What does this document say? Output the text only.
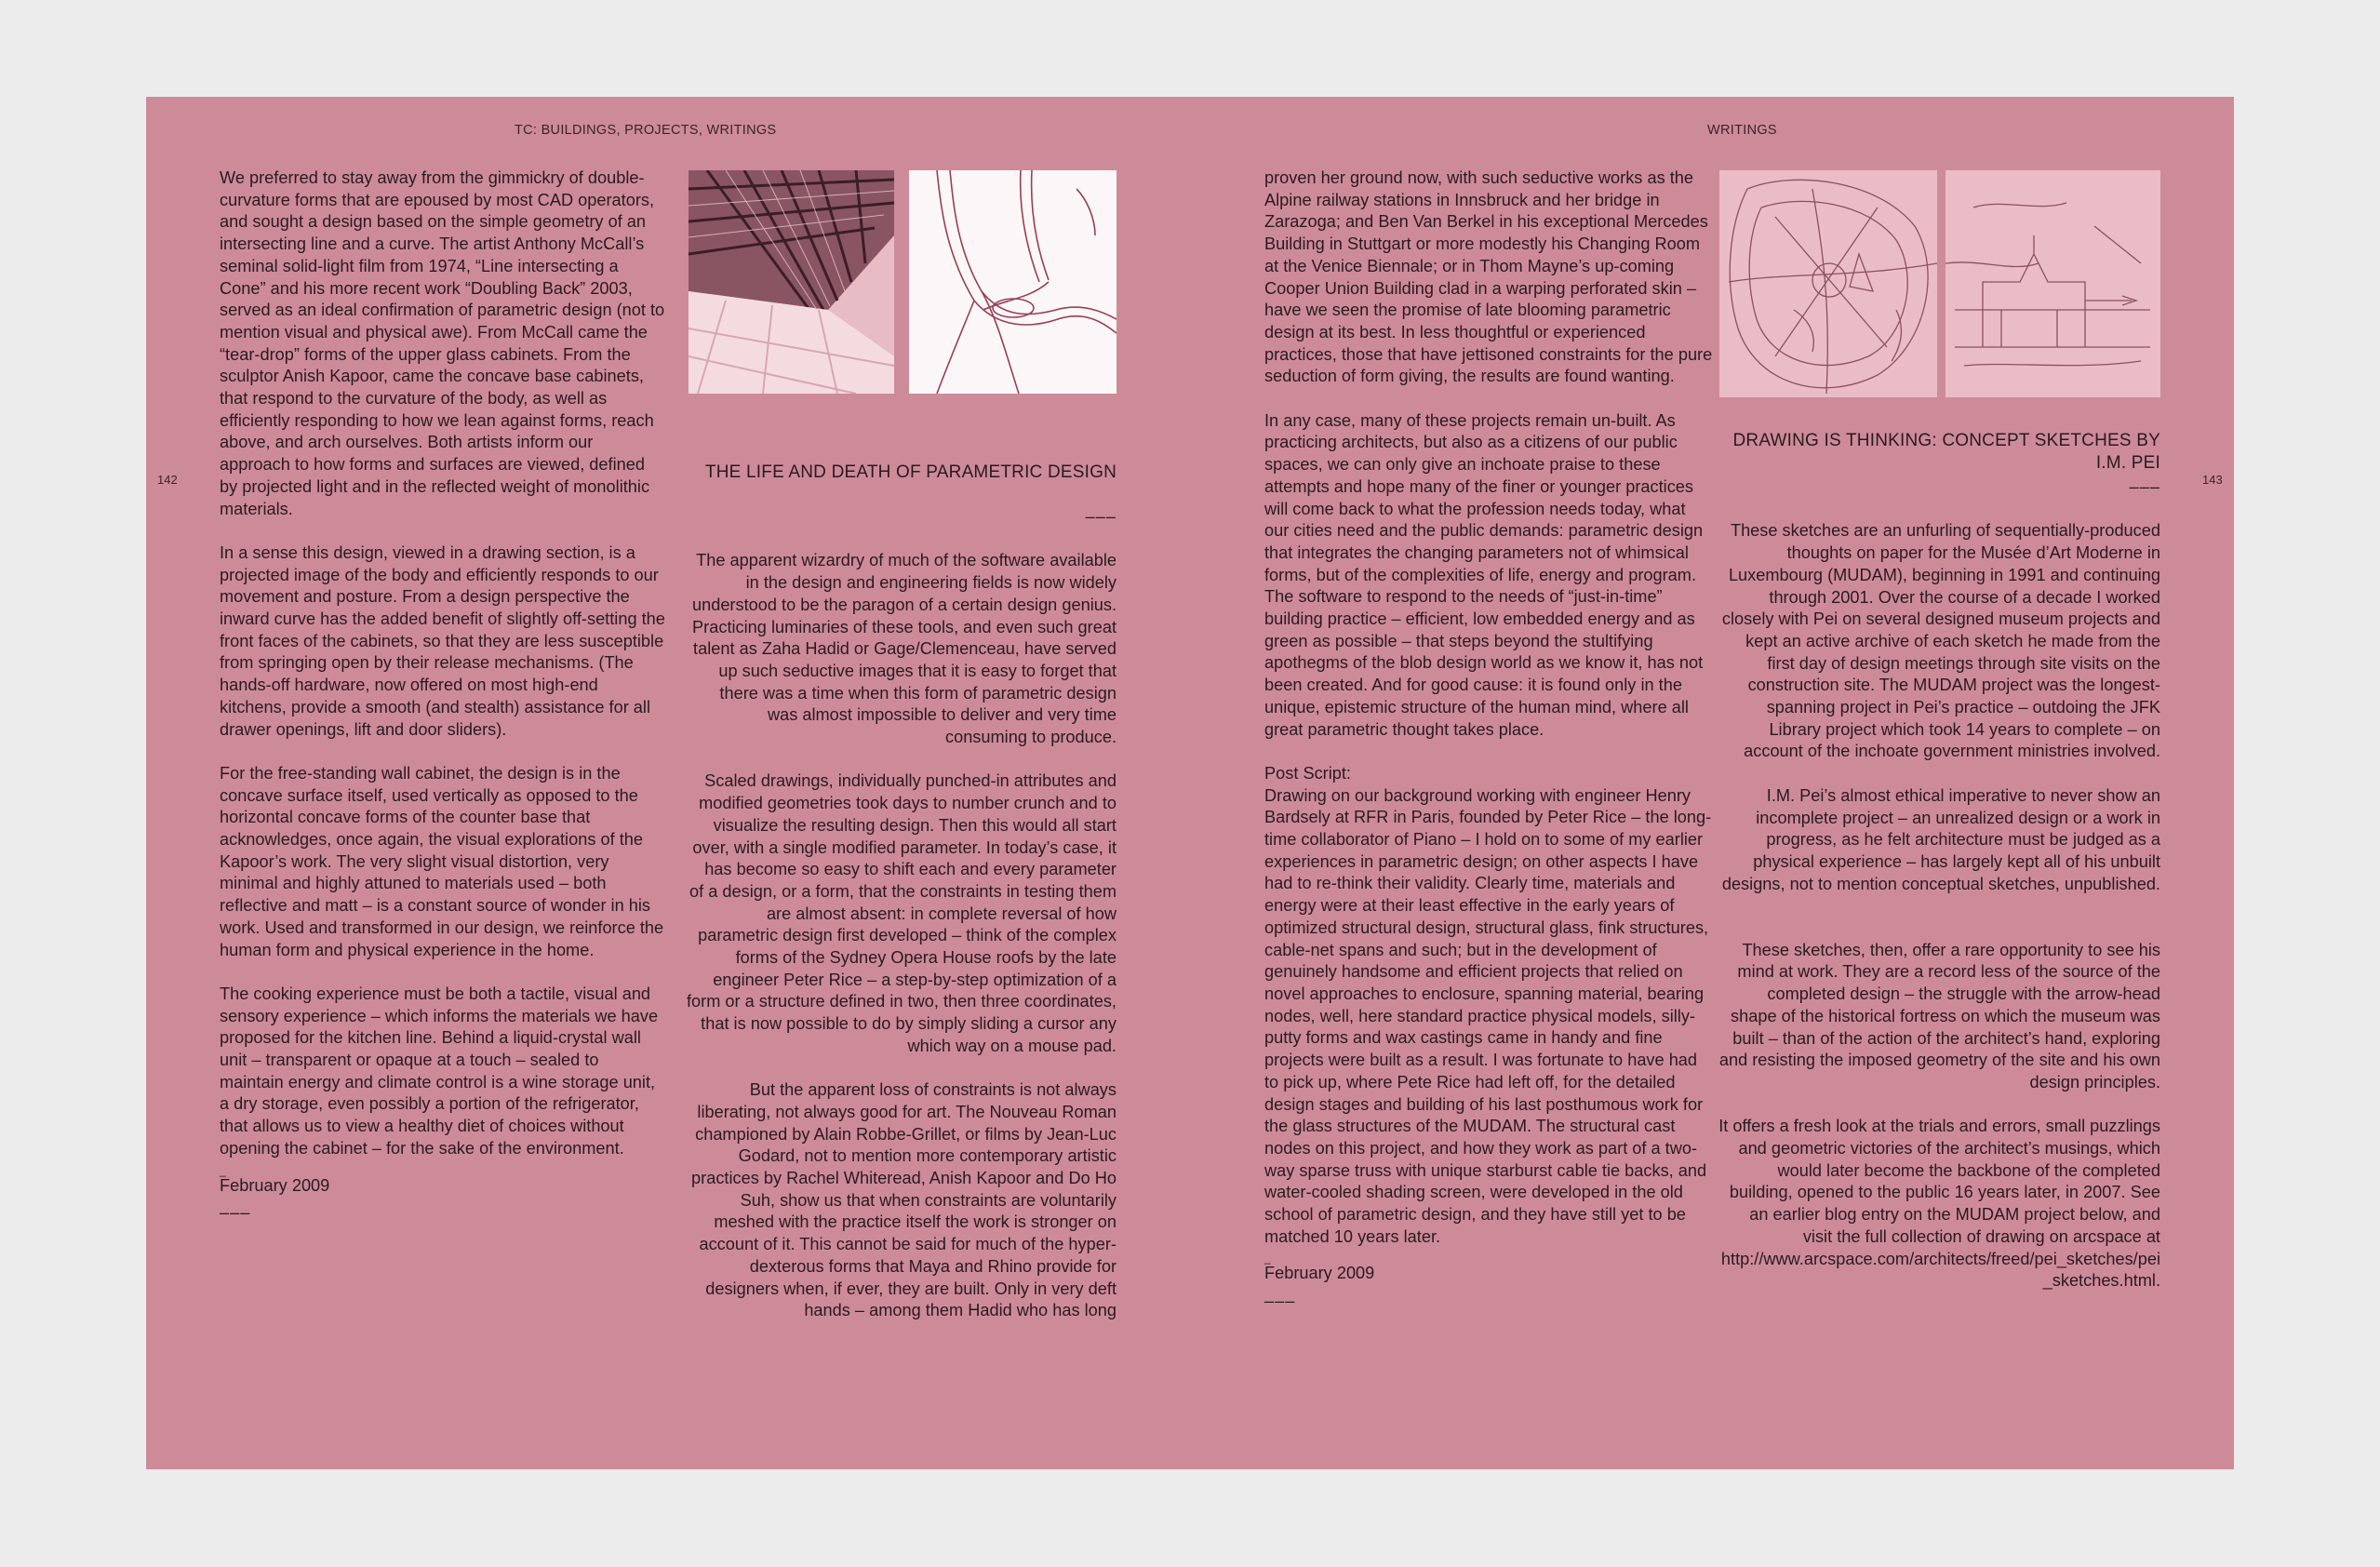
TC: BUILDINGS, PROJECTS, WRITINGS	WRITINGS
142	143

We preferred to stay away from the gimmickry of double-curvature forms that are epoused by most CAD operators, and sought a design based on the simple geometry of an intersecting line and a curve. The artist Anthony McCall’s seminal solid-light film from 1974, “Line intersecting a Cone” and his more recent work “Doubling Back” 2003, served as an ideal confirmation of parametric design (not to mention visual and physical awe). From McCall came the “tear-drop” forms of the upper glass cabinets. From the sculptor Anish Kapoor, came the concave base cabinets, that respond to the curvature of the body, as well as efficiently responding to how we lean against forms, reach above, and arch ourselves. Both artists inform our approach to how forms and surfaces are viewed, defined by projected light and in the reflected weight of monolithic materials.

In a sense this design, viewed in a drawing section, is a projected image of the body and efficiently responds to our movement and posture. From a design perspective the inward curve has the added benefit of slightly off-setting the front faces of the cabinets, so that they are less susceptible from springing open by their release mechanisms. (The hands-off hardware, now offered on most high-end kitchens, provide a smooth (and stealth) assistance for all drawer openings, lift and door sliders).

For the free-standing wall cabinet, the design is in the concave surface itself, used vertically as opposed to the horizontal concave forms of the counter base that acknowledges, once again, the visual explorations of the Kapoor’s work. The very slight visual distortion, very minimal and highly attuned to materials used – both reflective and matt – is a constant source of wonder in his work. Used and transformed in our design, we reinforce the human form and physical experience in the home.

The cooking experience must be both a tactile, visual and sensory experience – which informs the materials we have proposed for the kitchen line. Behind a liquid-crystal wall unit – transparent or opaque at a touch – sealed to maintain energy and climate control is a wine storage unit, a dry storage, even possibly a portion of the refrigerator, that allows us to view a healthy diet of choices without opening the cabinet – for the sake of the environment.

_

February 2009

–––

THE LIFE AND DEATH OF PARAMETRIC DESIGN

–––

The apparent wizardry of much of the software available in the design and engineering fields is now widely understood to be the paragon of a certain design genius. Practicing luminaries of these tools, and even such great talent as Zaha Hadid or Gage/Clemenceau, have served up such seductive images that it is easy to forget that there was a time when this form of parametric design was almost impossible to deliver and very time consuming to produce.

Scaled drawings, individually punched-in attributes and modified geometries took days to number crunch and to visualize the resulting design. Then this would all start over, with a single modified parameter. In today’s case, it has become so easy to shift each and every parameter of a design, or a form, that the constraints in testing them are almost absent: in complete reversal of how parametric design first developed – think of the complex forms of the Sydney Opera House roofs by the late engineer Peter Rice – a step-by-step optimization of a form or a structure defined in two, then three coordinates, that is now possible to do by simply sliding a cursor any which way on a mouse pad.

But the apparent loss of constraints is not always liberating, not always good for art. The Nouveau Roman championed by Alain Robbe-Grillet, or films by Jean-Luc Godard, not to mention more contemporary artistic practices by Rachel Whiteread, Anish Kapoor and Do Ho Suh, show us that when constraints are voluntarily meshed with the practice itself the work is stronger on account of it. This cannot be said for much of the hyper-dexterous forms that Maya and Rhino provide for designers when, if ever, they are built. Only in very deft hands – among them Hadid who has long

proven her ground now, with such seductive works as the Alpine railway stations in Innsbruck and her bridge in Zarazoga; and Ben Van Berkel in his exceptional Mercedes Building in Stuttgart or more modestly his Changing Room at the Venice Biennale; or in Thom Mayne’s up-coming Cooper Union Building clad in a warping perforated skin – have we seen the promise of late blooming parametric design at its best. In less thoughtful or experienced practices, those that have jettisoned constraints for the pure seduction of form giving, the results are found wanting.

In any case, many of these projects remain un-built. As practicing architects, but also as a citizens of our public spaces, we can only give an inchoate praise to these attempts and hope many of the finer or younger practices will come back to what the profession needs today, what our cities need and the public demands: parametric design that integrates the changing parameters not of whimsical forms, but of the complexities of life, energy and program. The software to respond to the needs of “just-in-time” building practice – efficient, low embedded energy and as green as possible – that steps beyond the stultifying apothegms of the blob design world as we know it, has not been created. And for good cause: it is found only in the unique, epistemic structure of the human mind, where all great parametric thought takes place.

Post Script:
Drawing on our background working with engineer Henry Bardsely at RFR in Paris, founded by Peter Rice – the long-time collaborator of Piano – I hold on to some of my earlier experiences in parametric design; on other aspects I have had to re-think their validity. Clearly time, materials and energy were at their least effective in the early years of optimized structural design, structural glass, fink structures, cable-net spans and such; but in the development of genuinely handsome and efficient projects that relied on novel approaches to enclosure, spanning material, bearing nodes, well, here standard practice physical models, silly-putty forms and wax castings came in handy and fine projects were built as a result. I was fortunate to have had to pick up, where Pete Rice had left off, for the detailed design stages and building of his last posthumous work for the glass structures of the MUDAM. The structural cast nodes on this project, and how they work as part of a two-way sparse truss with unique starburst cable tie backs, and water-cooled shading screen, were developed in the old school of parametric design, and they have still yet to be matched 10 years later.

_

February 2009

–––

DRAWING IS THINKING: CONCEPT SKETCHES BY I.M. PEI

–––

These sketches are an unfurling of sequentially-produced thoughts on paper for the Musée d’Art Moderne in Luxembourg (MUDAM), beginning in 1991 and continuing through 2001. Over the course of a decade I worked closely with Pei on several designed museum projects and kept an active archive of each sketch he made from the first day of design meetings through site visits on the construction site. The MUDAM project was the longest-spanning project in Pei’s practice – outdoing the JFK Library project which took 14 years to complete – on account of the inchoate government ministries involved.

I.M. Pei’s almost ethical imperative to never show an incomplete project – an unrealized design or a work in progress, as he felt architecture must be judged as a physical experience – has largely kept all of his unbuilt designs, not to mention conceptual sketches, unpublished.

These sketches, then, offer a rare opportunity to see his mind at work. They are a record less of the source of the completed design – the struggle with the arrow-head shape of the historical fortress on which the museum was built – than of the action of the architect’s hand, exploring and resisting the imposed geometry of the site and his own design principles.

It offers a fresh look at the trials and errors, small puzzlings and geometric victories of the architect’s musings, which would later become the backbone of the completed building, opened to the public 16 years later, in 2007. See an earlier blog entry on the MUDAM project below, and visit the full collection of drawing on arcspace at http://www.arcspace.com/architects/freed/pei_sketches/pei_sketches.html.
